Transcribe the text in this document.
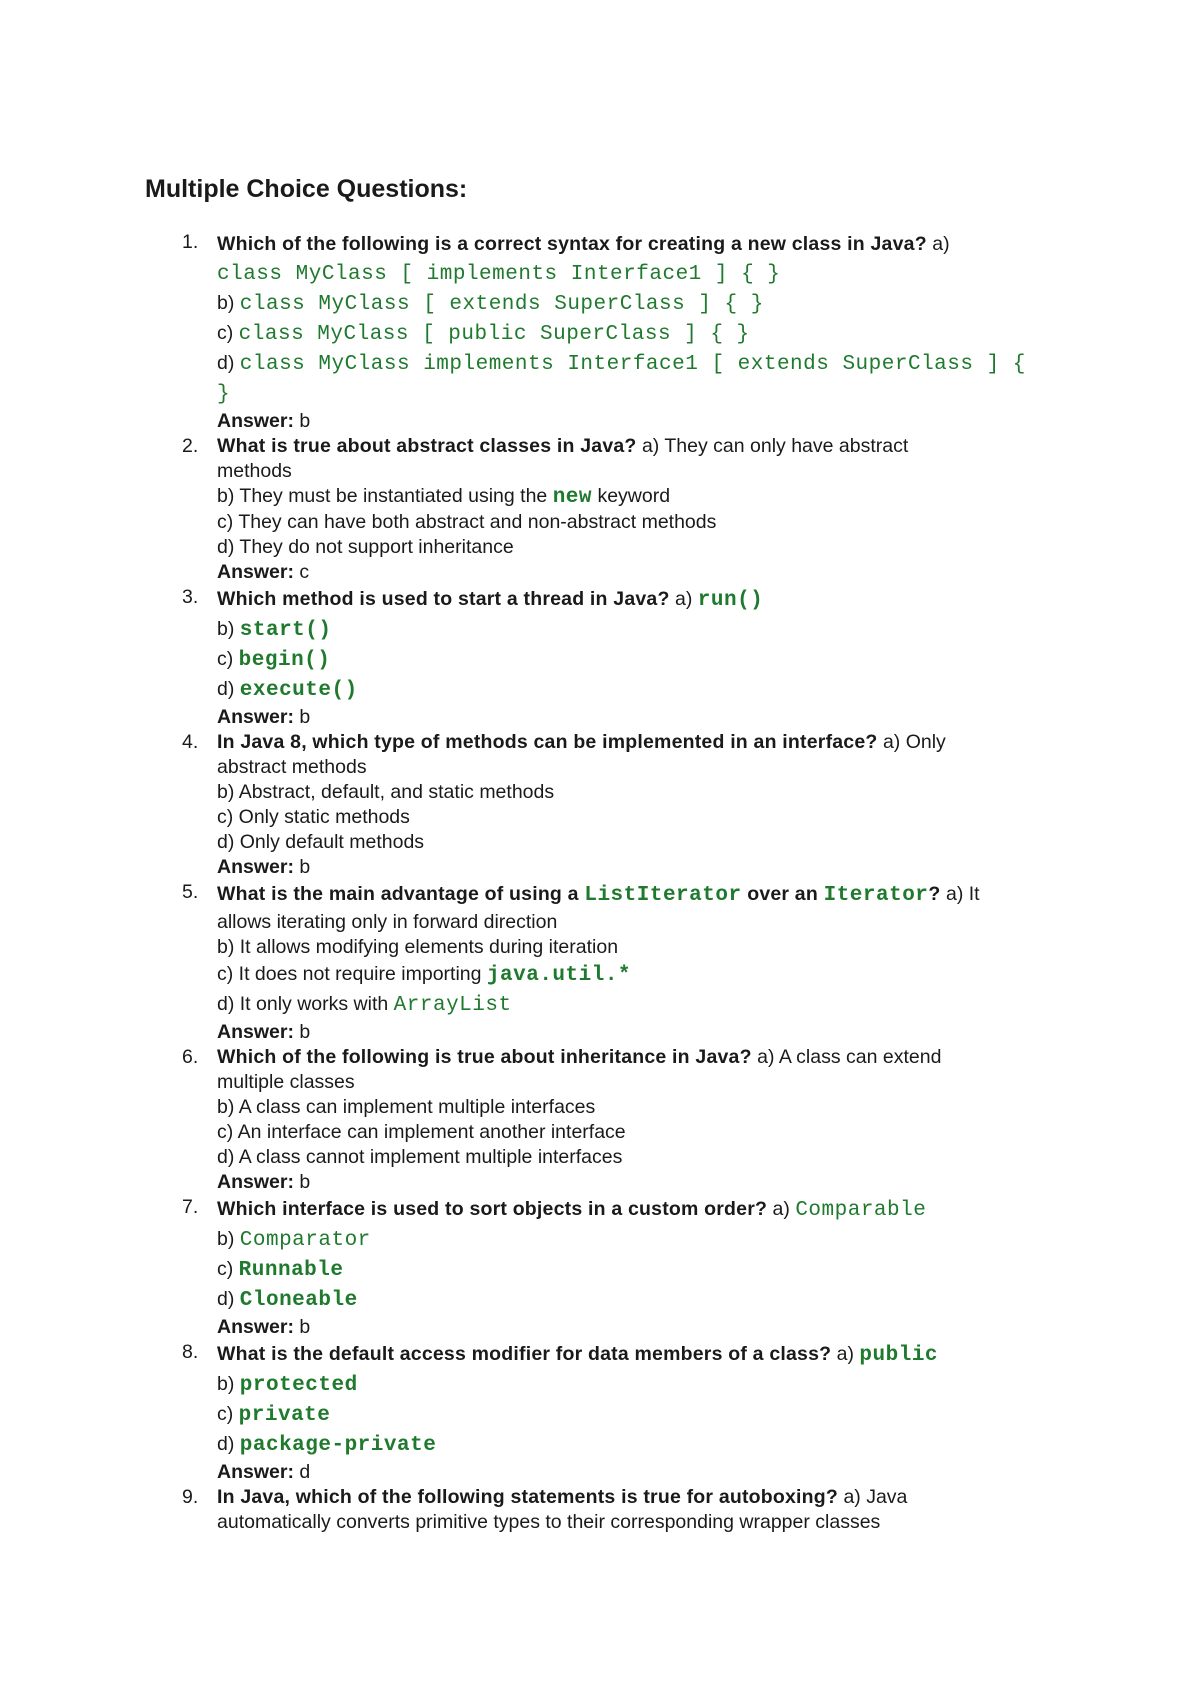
Multiple Choice Questions:
1. Which of the following is a correct syntax for creating a new class in Java? a)
class MyClass [ implements Interface1 ] { }
b) class MyClass [ extends SuperClass ] { }
c) class MyClass [ public SuperClass ] { }
d) class MyClass implements Interface1 [ extends SuperClass ] {
}
Answer: b
2. What is true about abstract classes in Java? a) They can only have abstract
methods
b) They must be instantiated using the new keyword
c) They can have both abstract and non-abstract methods
d) They do not support inheritance
Answer: c
3. Which method is used to start a thread in Java? a) run()
b) start()
c) begin()
d) execute()
Answer: b
4. In Java 8, which type of methods can be implemented in an interface? a) Only
abstract methods
b) Abstract, default, and static methods
c) Only static methods
d) Only default methods
Answer: b
5. What is the main advantage of using a ListIterator over an Iterator? a) It
allows iterating only in forward direction
b) It allows modifying elements during iteration
c) It does not require importing java.util.*
d) It only works with ArrayList
Answer: b
6. Which of the following is true about inheritance in Java? a) A class can extend
multiple classes
b) A class can implement multiple interfaces
c) An interface can implement another interface
d) A class cannot implement multiple interfaces
Answer: b
7. Which interface is used to sort objects in a custom order? a) Comparable
b) Comparator
c) Runnable
d) Cloneable
Answer: b
8. What is the default access modifier for data members of a class? a) public
b) protected
c) private
d) package-private
Answer: d
9. In Java, which of the following statements is true for autoboxing? a) Java
automatically converts primitive types to their corresponding wrapper classes
